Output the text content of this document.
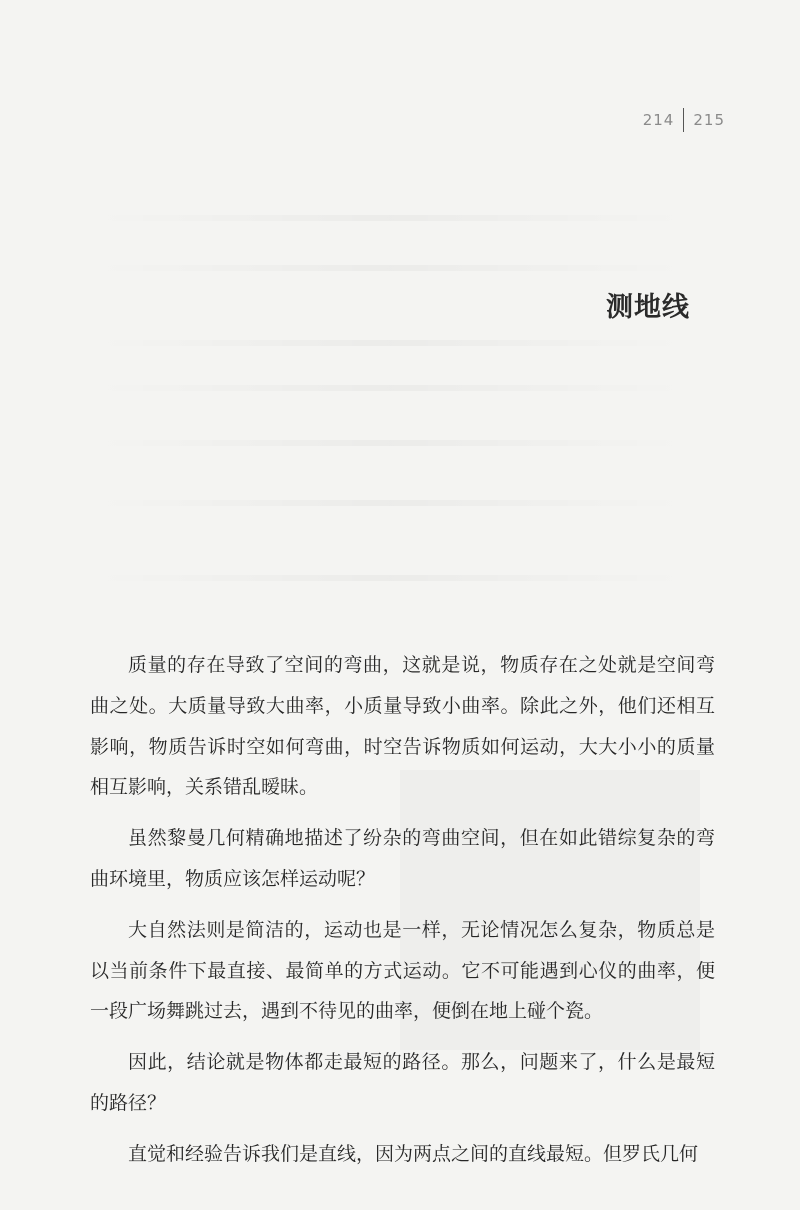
214 215
测地线

质量的存在导致了空间的弯曲，这就是说，物质存在之处就是空间弯曲之处。大质量导致大曲率，小质量导致小曲率。除此之外，他们还相互影响，物质告诉时空如何弯曲，时空告诉物质如何运动，大大小小的质量相互影响，关系错乱暧昧。

虽然黎曼几何精确地描述了纷杂的弯曲空间，但在如此错综复杂的弯曲环境里，物质应该怎样运动呢？

大自然法则是简洁的，运动也是一样，无论情况怎么复杂，物质总是以当前条件下最直接、最简单的方式运动。它不可能遇到心仪的曲率，便一段广场舞跳过去，遇到不待见的曲率，便倒在地上碰个瓷。

因此，结论就是物体都走最短的路径。那么，问题来了，什么是最短的路径？

直觉和经验告诉我们是直线，因为两点之间的直线最短。但罗氏几何
